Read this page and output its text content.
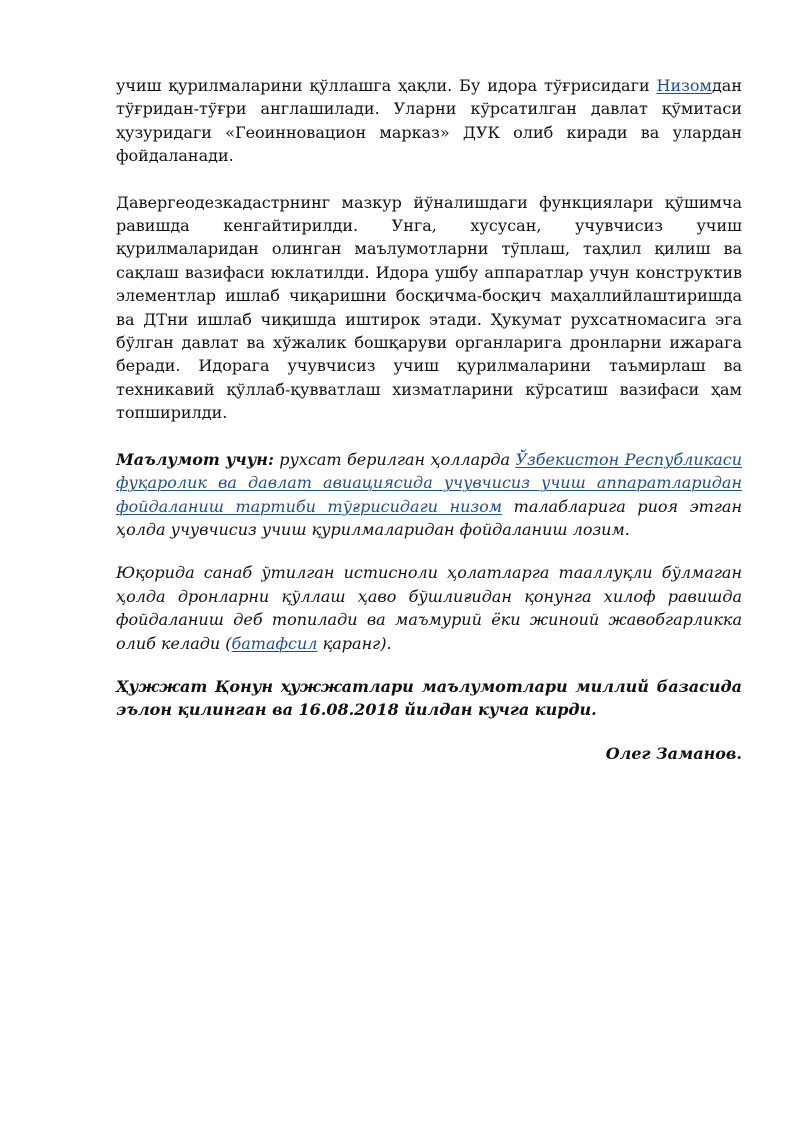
учиш қурилмаларини қўллашга ҳақли. Бу идора тўғрисидаги Низомдан тўғридан-тўғри англашилади. Уларни кўрсатилган давлат қўмитаси ҳузуридаги «Геоинновацион марказ» ДУК олиб киради ва улардан фойдаланади.

Давергеодезкадастрнинг мазкур йўналишдаги функциялари қўшимча равишда кенгайтирилди. Унга, хусусан, учувчисиз учиш қурилмаларидан олинган маълумотларни тўплаш, таҳлил қилиш ва сақлаш вазифаси юклатилди. Идора ушбу аппаратлар учун конструктив элементлар ишлаб чиқаришни босқичма-босқич маҳаллийлаштиришда ва ДТни ишлаб чиқишда иштирок этади. Ҳукумат рухсатномасига эга бўлган давлат ва хўжалик бошқаруви органларига дронларни ижарага беради. Идорага учувчисиз учиш қурилмаларини таъмирлаш ва техникавий қўллаб-қувватлаш хизматларини кўрсатиш вазифаси ҳам топширилди.

Маълумот учун: рухсат берилган ҳолларда Ўзбекистон Республикаси фуқаролик ва давлат авиациясида учувчисиз учиш аппаратларидан фойдаланиш тартиби тўғрисидаги низом талабларига риоя этган ҳолда учувчисиз учиш қурилмаларидан фойдаланиш лозим.

Юқорида санаб ўтилган истисноли ҳолатларга тааллуқли бўлмаган ҳолда дронларни қўллаш ҳаво бўшлиғидан қонунга хилоф равишда фойдаланиш деб топилади ва маъмурий ёки жиноий жавобгарликка олиб келади (батафсил қаранг).

Ҳужжат Қонун ҳужжатлари маълумотлари миллий базасида эълон қилинган ва 16.08.2018 йилдан кучга кирди.

Олег Заманов.
